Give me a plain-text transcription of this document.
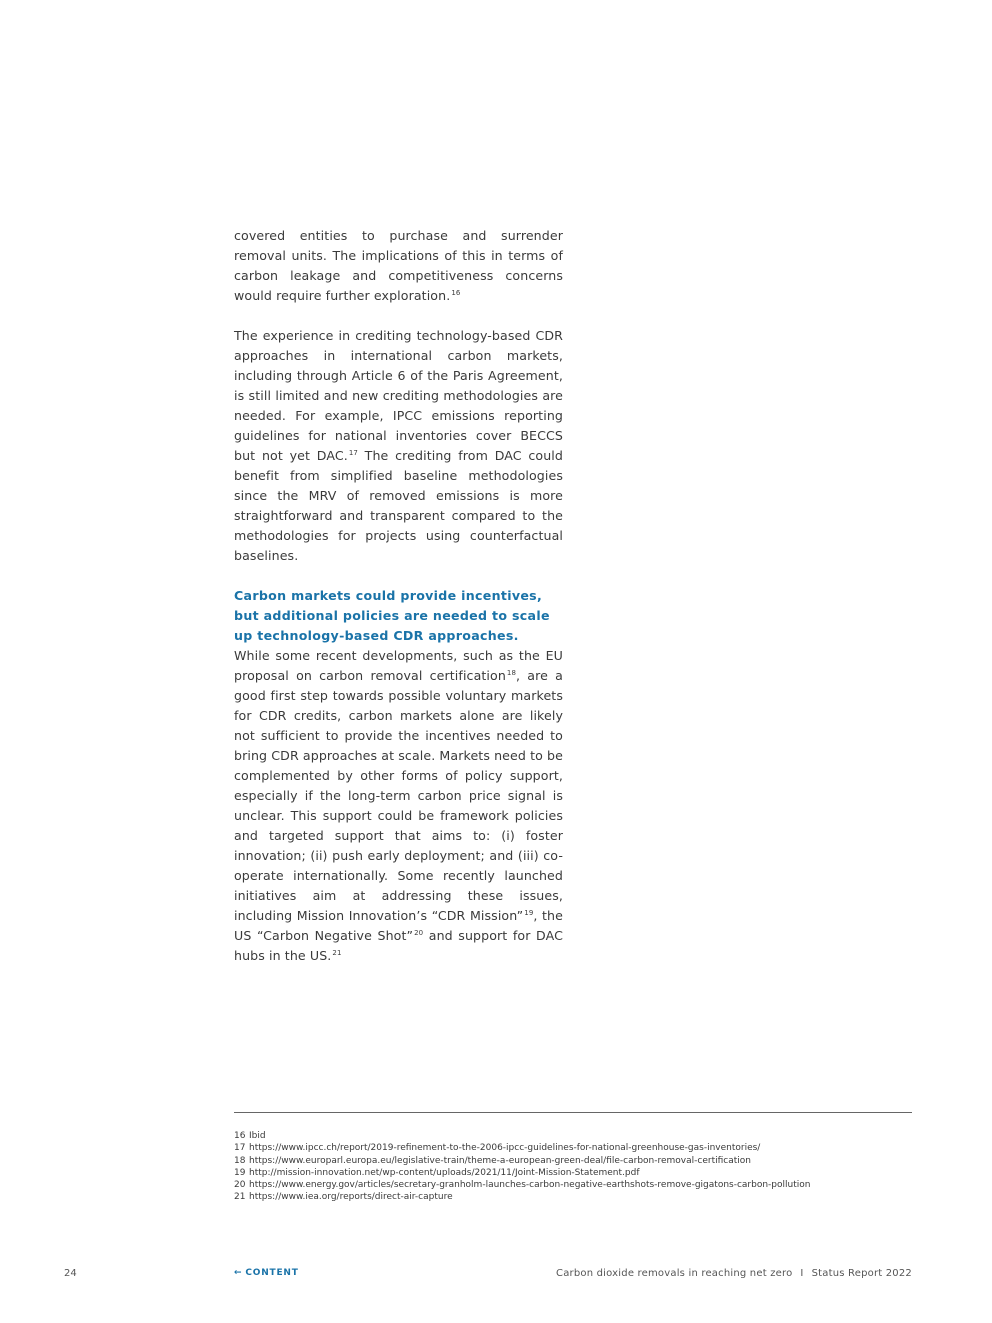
covered entities to purchase and surrender removal units. The implications of this in terms of carbon leakage and competitiveness concerns would require further exploration.$^{16}$

The experience in crediting technology-based CDR approaches in international carbon markets, including through Article 6 of the Paris Agreement, is still limited and new crediting methodologies are needed. For example, IPCC emissions reporting guidelines for national inventories cover BECCS but not yet DAC.$^{17}$ The crediting from DAC could benefit from simplified baseline methodologies since the MRV of removed emissions is more straightforward and transparent compared to the methodologies for projects using counterfactual baselines.

Carbon markets could provide incentives, but additional policies are needed to scale up technology-based CDR approaches.

While some recent developments, such as the EU proposal on carbon removal certification$^{18}$, are a good first step towards possible voluntary markets for CDR credits, carbon markets alone are likely not sufficient to provide the incentives needed to bring CDR approaches at scale. Markets need to be complemented by other forms of policy support, especially if the long-term carbon price signal is unclear. This support could be framework policies and targeted support that aims to: (i) foster innovation; (ii) push early deployment; and (iii) co-operate internationally. Some recently launched initiatives aim at addressing these issues, including Mission Innovation’s “CDR Mission”$^{19}$, the US “Carbon Negative Shot”$^{20}$ and support for DAC hubs in the US.$^{21}$

16 Ibid
17 https://www.ipcc.ch/report/2019-refinement-to-the-2006-ipcc-guidelines-for-national-greenhouse-gas-inventories/
18 https://www.europarl.europa.eu/legislative-train/theme-a-european-green-deal/file-carbon-removal-certification
19 http://mission-innovation.net/wp-content/uploads/2021/11/Joint-Mission-Statement.pdf
20 https://www.energy.gov/articles/secretary-granholm-launches-carbon-negative-earthshots-remove-gigatons-carbon-pollution
21 https://www.iea.org/reports/direct-air-capture
24	← CONTENT	Carbon dioxide removals in reaching net zero I Status Report 2022
